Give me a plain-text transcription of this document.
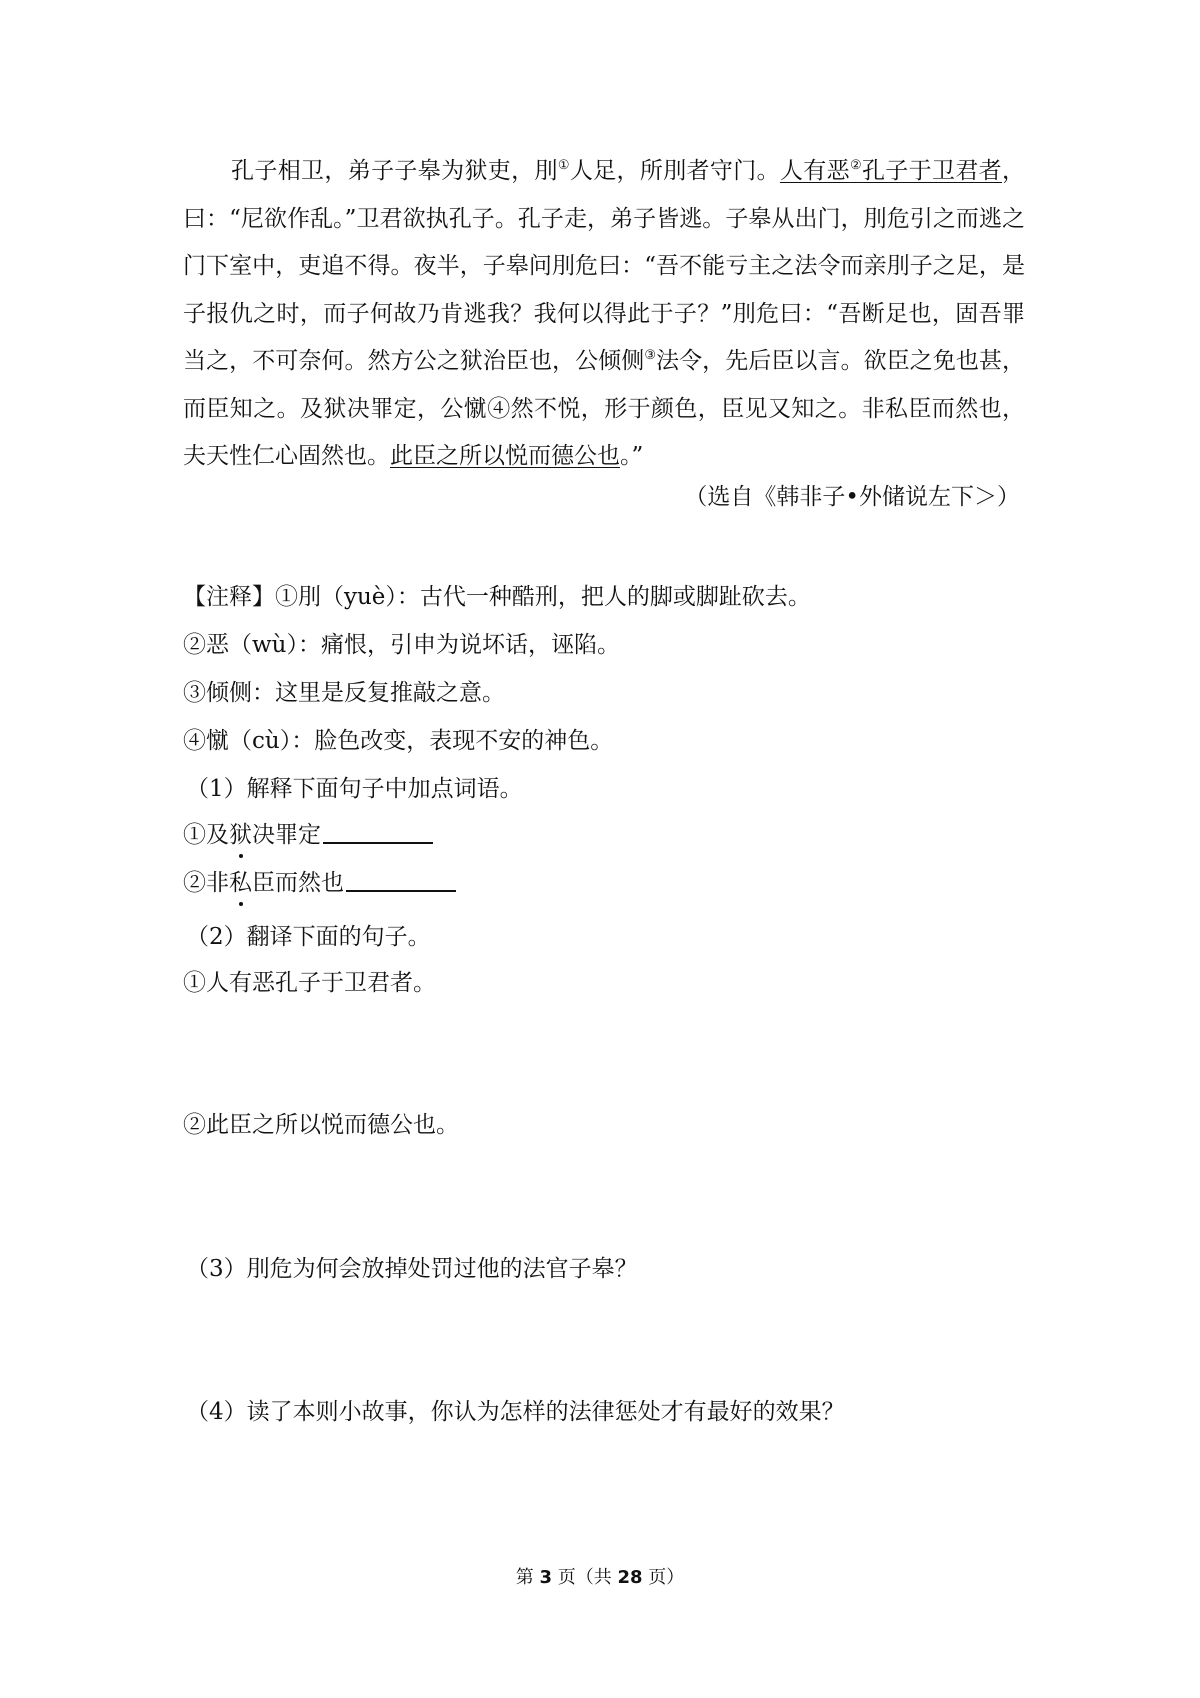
孔子相卫，弟子子皋为狱吏，刖①人足，所刖者守门。人有恶②孔子于卫君者，曰：“尼欲作乱。”卫君欲执孔子。孔子走，弟子皆逃。子皋从出门，刖危引之而逃之门下室中，吏追不得。夜半，子皋问刖危曰：“吾不能亏主之法令而亲刖子之足，是子报仇之时，而子何故乃肯逃我？我何以得此于子？”刖危曰：“吾断足也，固吾罪当之，不可奈何。然方公之狱治臣也，公倾侧③法令，先后臣以言。欲臣之免也甚，而臣知之。及狱决罪定，公憱④然不悦，形于颜色，臣见又知之。非私臣而然也，夫天性仁心固然也。此臣之所以悦而德公也。”

（选自《韩非子•外储说左下＞）

【注释】①刖（yuè）：古代一种酷刑，把人的脚或脚趾砍去。

②恶（wù）：痛恨，引申为说坏话，诬陷。

③倾侧：这里是反复推敲之意。

④憱（cù）：脸色改变，表现不安的神色。

（1）解释下面句子中加点词语。

①及狱决罪定

②非私臣而然也

（2）翻译下面的句子。

①人有恶孔子于卫君者。

②此臣之所以悦而德公也。

（3）刖危为何会放掉处罚过他的法官子皋？

（4）读了本则小故事，你认为怎样的法律惩处才有最好的效果？

第 3 页（共 28 页）
